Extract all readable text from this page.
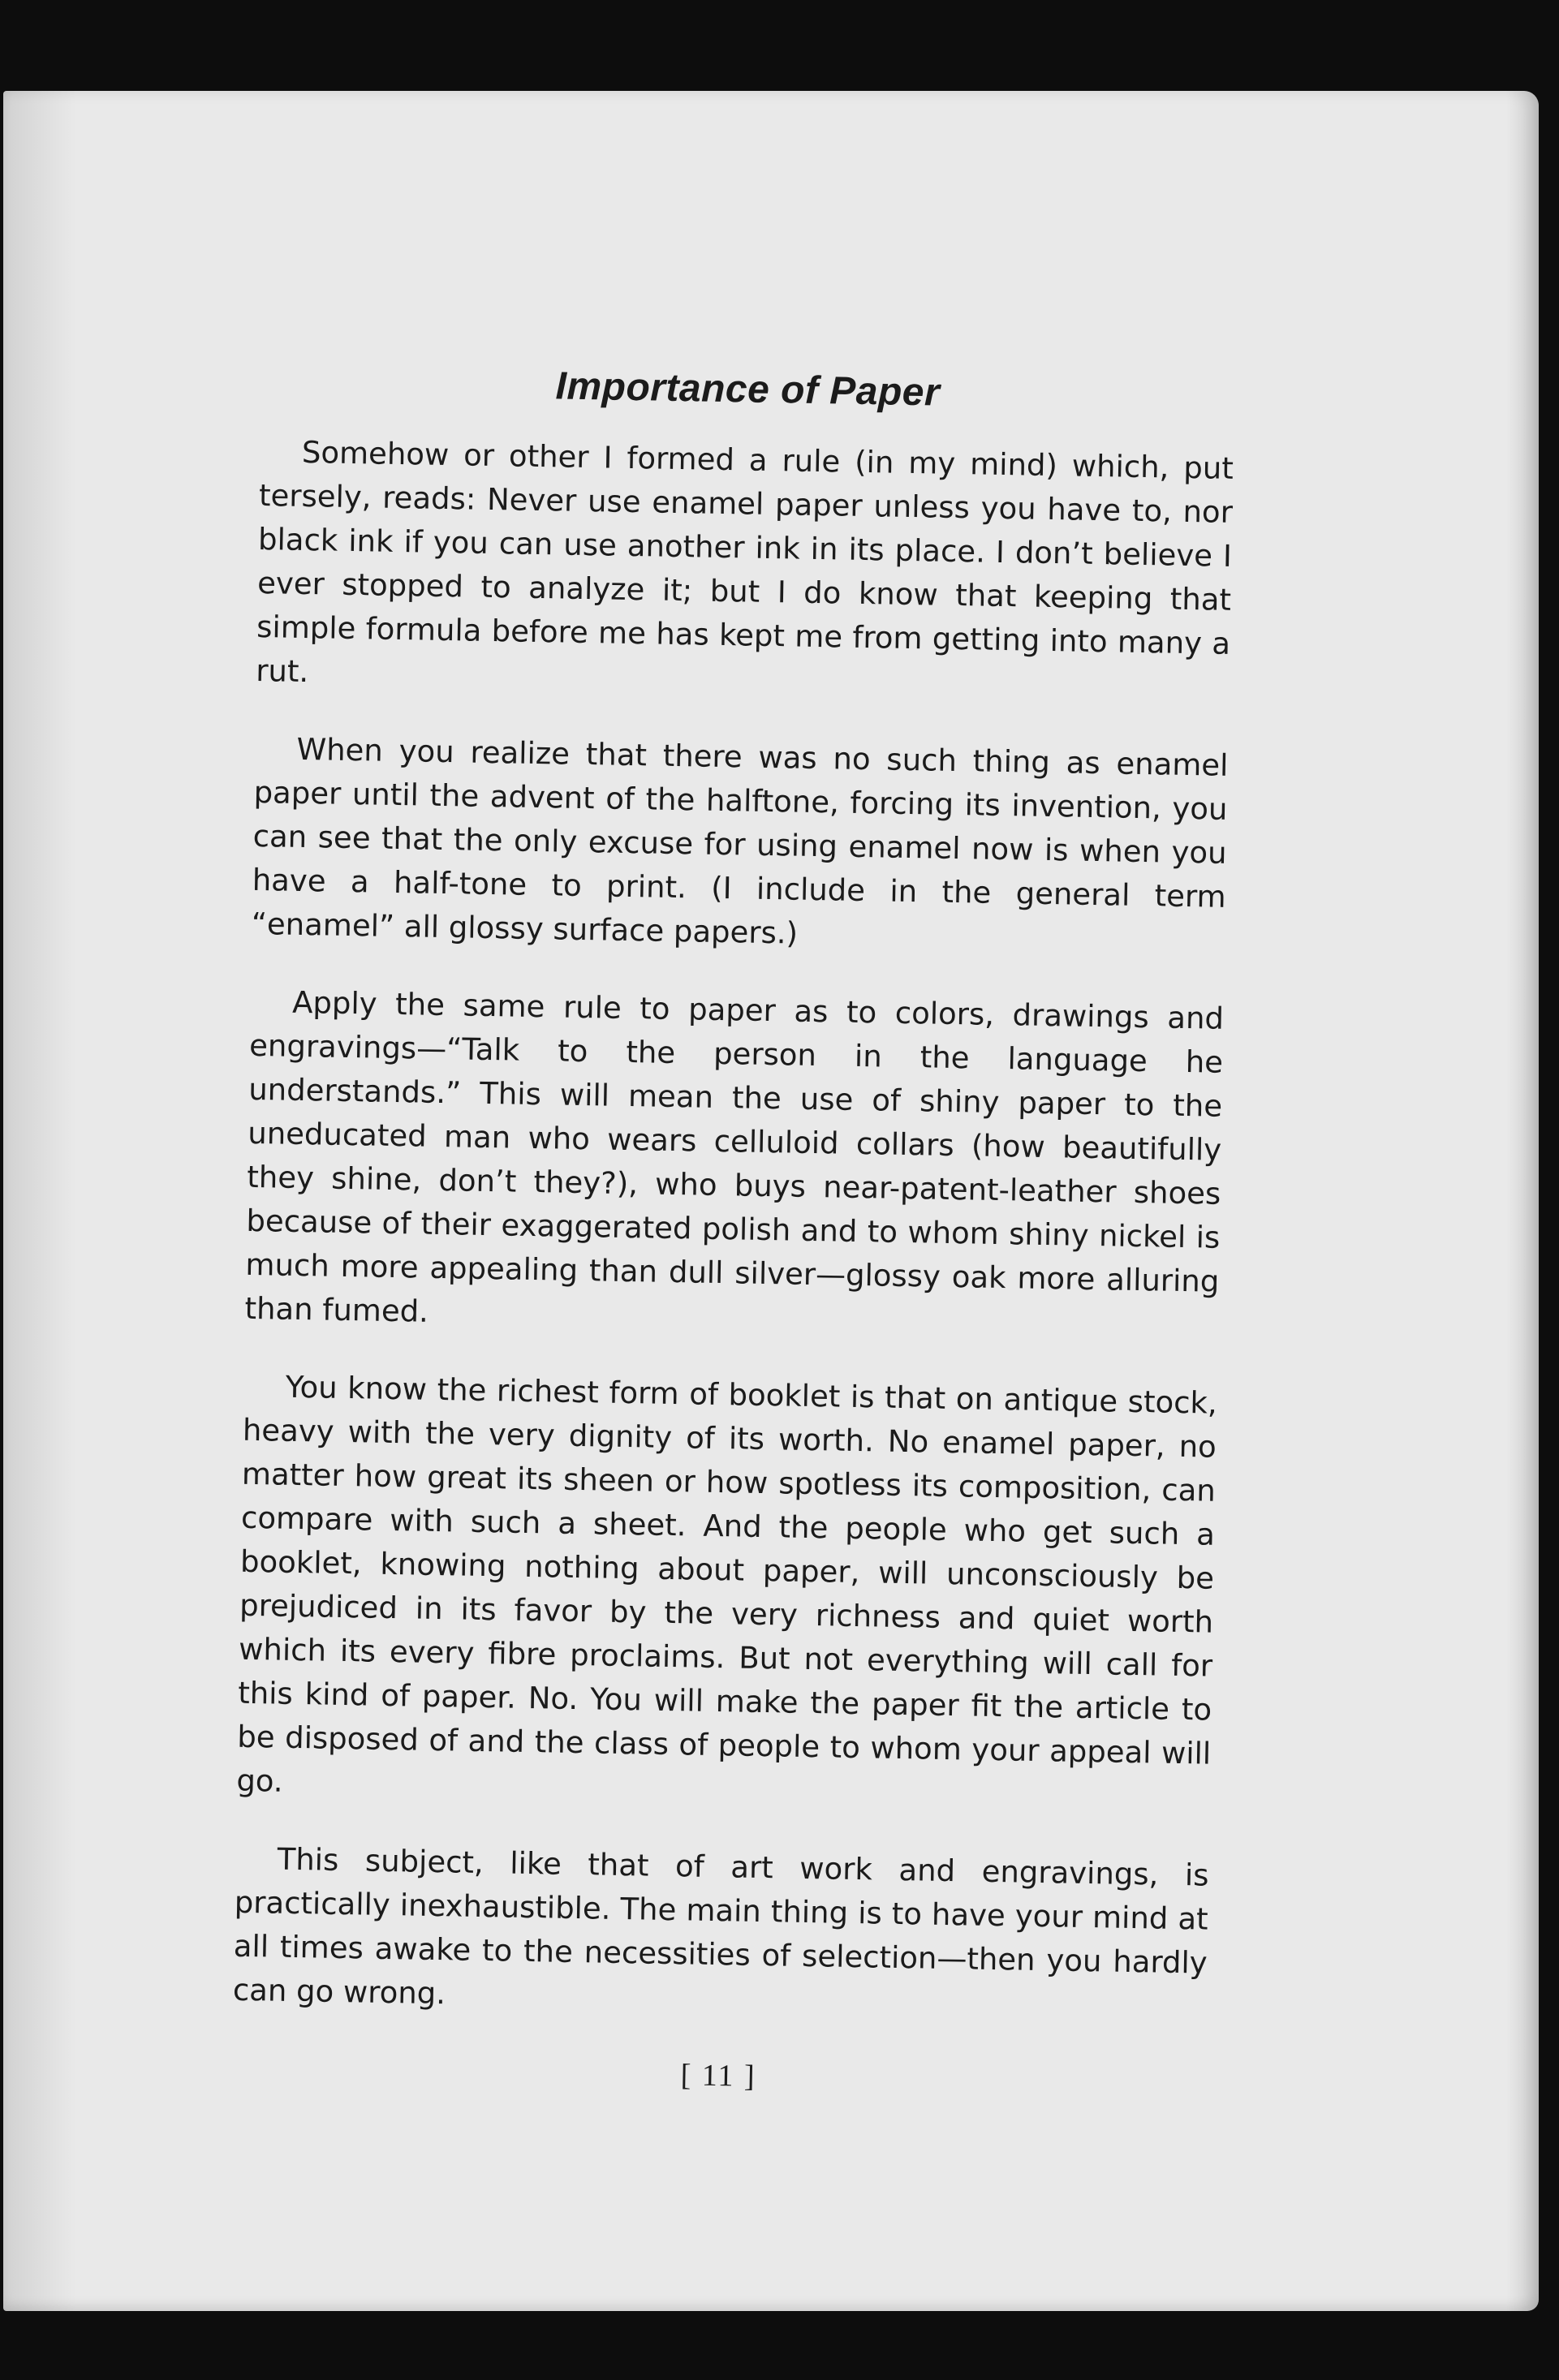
Importance of Paper

Somehow or other I formed a rule (in my mind) which, put tersely, reads: Never use enamel paper unless you have to, nor black ink if you can use another ink in its place. I don’t believe I ever stopped to analyze it; but I do know that keeping that simple formula before me has kept me from getting into many a rut.

When you realize that there was no such thing as enamel paper until the advent of the halftone, forcing its invention, you can see that the only excuse for using enamel now is when you have a half-tone to print. (I include in the general term “enamel” all glossy surface papers.)

Apply the same rule to paper as to colors, drawings and engravings—“Talk to the person in the language he understands.” This will mean the use of shiny paper to the uneducated man who wears celluloid collars (how beautifully they shine, don’t they?), who buys near-patent-leather shoes because of their exaggerated polish and to whom shiny nickel is much more appealing than dull silver—glossy oak more alluring than fumed.

You know the richest form of booklet is that on antique stock, heavy with the very dignity of its worth. No enamel paper, no matter how great its sheen or how spotless its composition, can compare with such a sheet. And the people who get such a booklet, knowing nothing about paper, will unconsciously be prejudiced in its favor by the very richness and quiet worth which its every fibre proclaims. But not everything will call for this kind of paper. No. You will make the paper fit the article to be disposed of and the class of people to whom your appeal will go.

This subject, like that of art work and engravings, is practically inexhaustible. The main thing is to have your mind at all times awake to the necessities of selection—then you hardly can go wrong.

[ 11 ]
